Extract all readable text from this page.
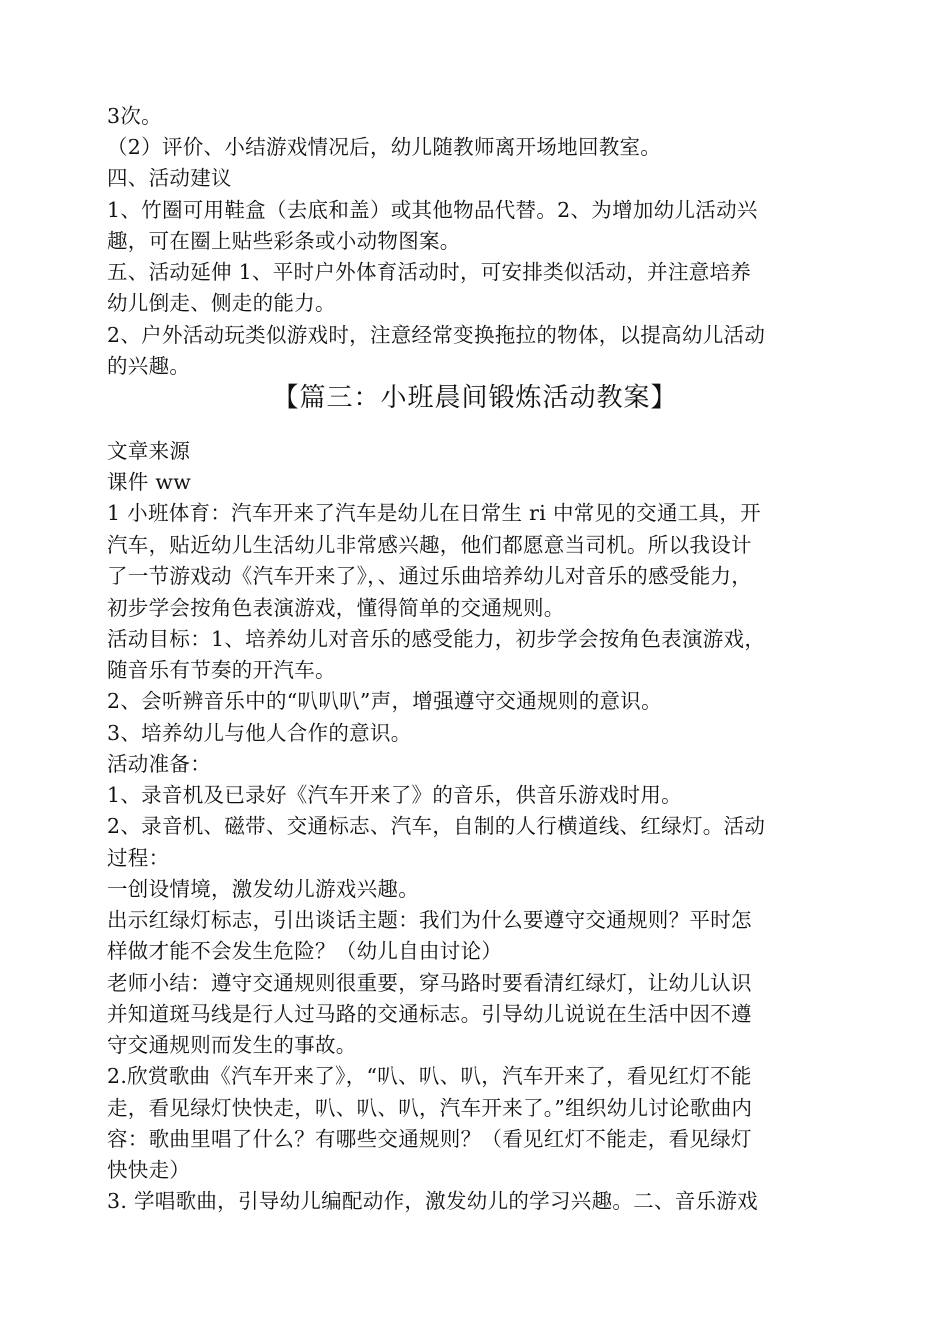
3次。
（2）评价、小结游戏情况后，幼儿随教师离开场地回教室。
四、活动建议
1、竹圈可用鞋盒（去底和盖）或其他物品代替。2、为增加幼儿活动兴
趣，可在圈上贴些彩条或小动物图案。
五、活动延伸 1、平时户外体育活动时，可安排类似活动，并注意培养
幼儿倒走、侧走的能力。
2、户外活动玩类似游戏时，注意经常变换拖拉的物体，以提高幼儿活动
的兴趣。
【篇三：小班晨间锻炼活动教案】
文章来源
课件 ww
1 小班体育：汽车开来了汽车是幼儿在日常生 ri 中常见的交通工具，开
汽车，贴近幼儿生活幼儿非常感兴趣，他们都愿意当司机。所以我设计
了一节游戏动《汽车开来了》，、通过乐曲培养幼儿对音乐的感受能力，
初步学会按角色表演游戏，懂得简单的交通规则。
活动目标：1、培养幼儿对音乐的感受能力，初步学会按角色表演游戏，
随音乐有节奏的开汽车。
2、会听辨音乐中的“叭叭叭”声，增强遵守交通规则的意识。
3、培养幼儿与他人合作的意识。
活动准备：
1、录音机及已录好《汽车开来了》的音乐，供音乐游戏时用。
2、录音机、磁带、交通标志、汽车，自制的人行横道线、红绿灯。活动
过程：
一创设情境，激发幼儿游戏兴趣。
出示红绿灯标志，引出谈话主题：我们为什么要遵守交通规则？平时怎
样做才能不会发生危险？（幼儿自由讨论）
老师小结：遵守交通规则很重要，穿马路时要看清红绿灯，让幼儿认识
并知道斑马线是行人过马路的交通标志。引导幼儿说说在生活中因不遵
守交通规则而发生的事故。
2.欣赏歌曲《汽车开来了》，“叭、叭、叭，汽车开来了，看见红灯不能
走，看见绿灯快快走，叭、叭、叭，汽车开来了。”组织幼儿讨论歌曲内
容：歌曲里唱了什么？有哪些交通规则？（看见红灯不能走，看见绿灯
快快走）
3. 学唱歌曲，引导幼儿编配动作，激发幼儿的学习兴趣。二、音乐游戏
